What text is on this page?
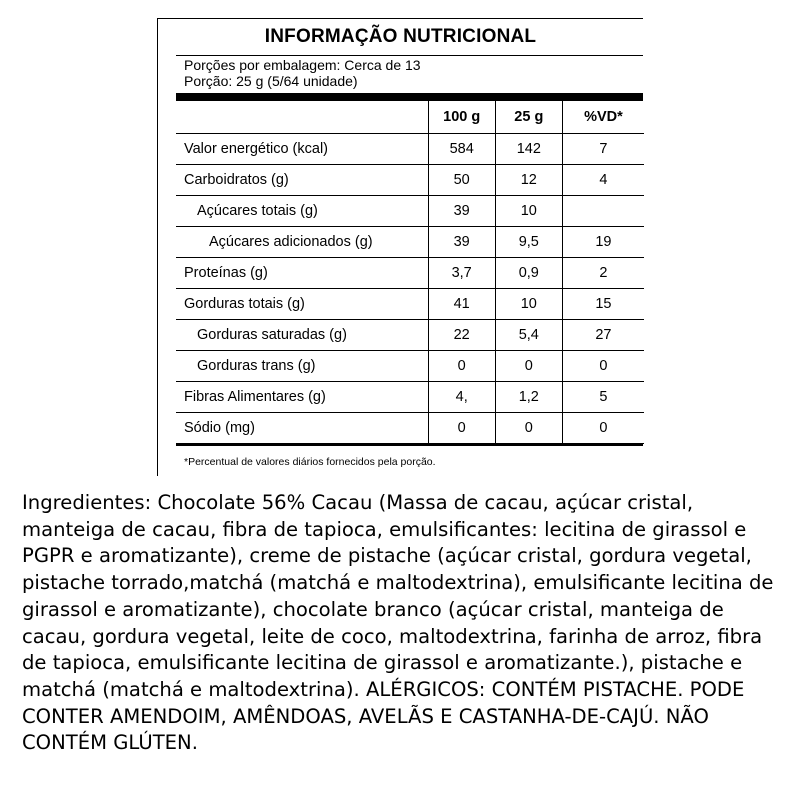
INFORMAÇÃO NUTRICIONAL
Porções por embalagem: Cerca de 13
Porção: 25 g (5/64 unidade)
	100 g	25 g	%VD*
Valor energético (kcal)	584	142	7
Carboidratos (g)	50	12	4
Açúcares totais (g)	39	10	
Açúcares adicionados (g)	39	9,5	19
Proteínas (g)	3,7	0,9	2
Gorduras totais (g)	41	10	15
Gorduras saturadas (g)	22	5,4	27
Gorduras trans (g)	0	0	0
Fibras Alimentares (g)	4,	1,2	5
Sódio (mg)	0	0	0
*Percentual de valores diários fornecidos pela porção.

Ingredientes: Chocolate 56% Cacau (Massa de cacau, açúcar cristal, manteiga de cacau, fibra de tapioca, emulsificantes: lecitina de girassol e PGPR e aromatizante), creme de pistache (açúcar cristal, gordura vegetal, pistache torrado,matchá (matchá e maltodextrina), emulsificante lecitina de girassol e aromatizante), chocolate branco (açúcar cristal, manteiga de cacau, gordura vegetal, leite de coco, maltodextrina, farinha de arroz, fibra de tapioca, emulsificante lecitina de girassol e aromatizante.), pistache e matchá (matchá e maltodextrina). ALÉRGICOS: CONTÉM PISTACHE. PODE CONTER AMENDOIM, AMÊNDOAS, AVELÃS E CASTANHA-DE-CAJÚ. NÃO CONTÉM GLÚTEN.
